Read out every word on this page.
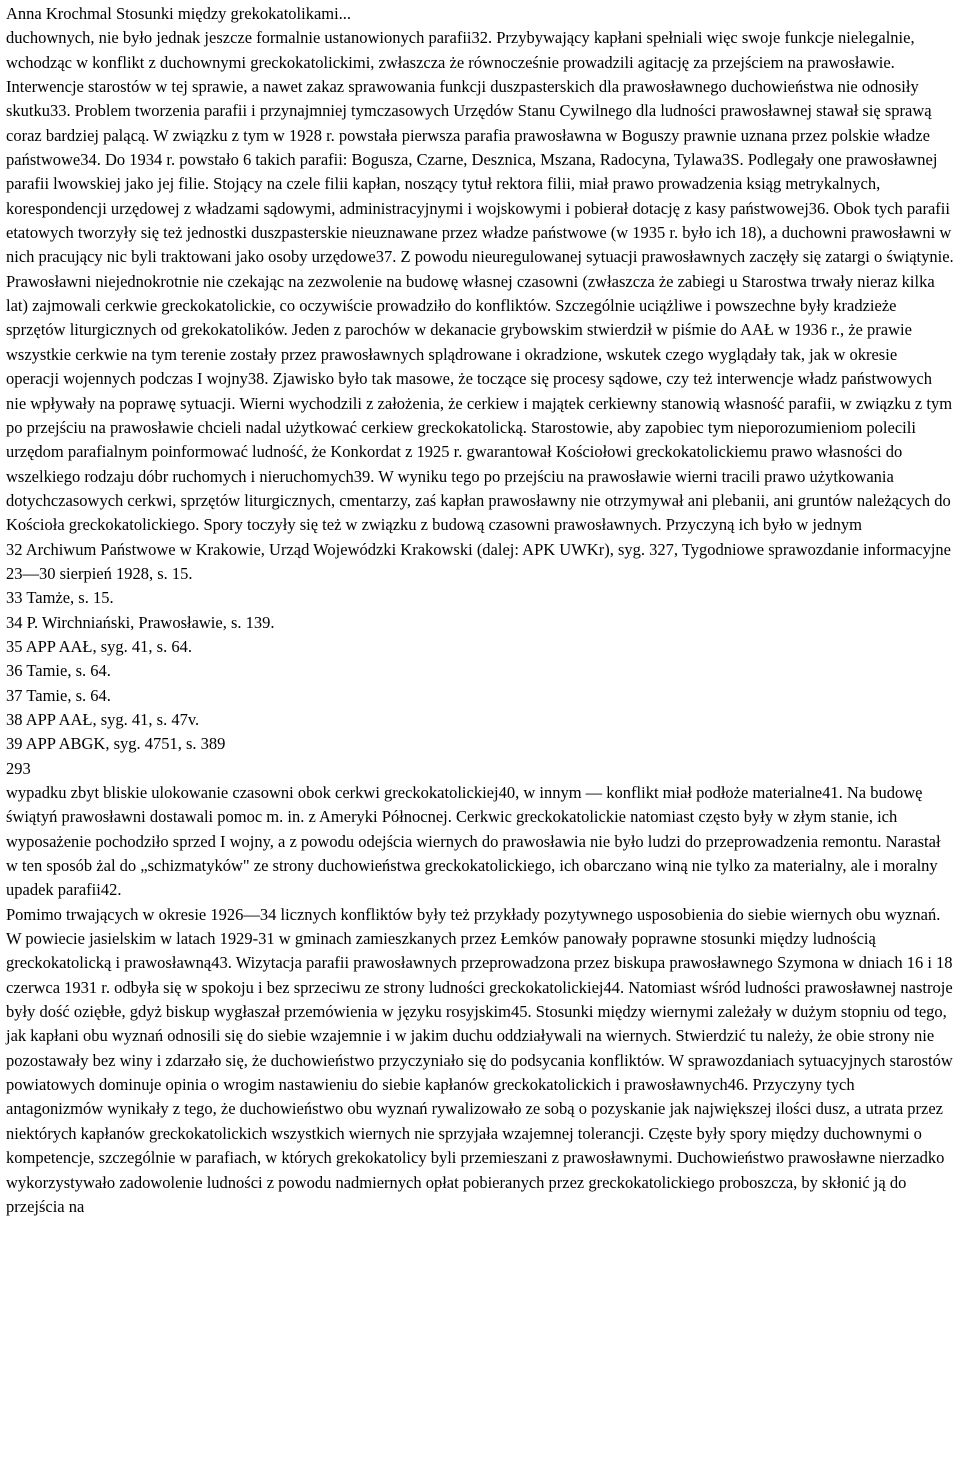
Anna Krochmal Stosunki między grekokatolikami...

duchownych, nie było jednak jeszcze formalnie ustanowionych parafii32. Przybywający kapłani spełniali więc swoje funkcje nielegalnie, wchodząc w konflikt z duchownymi greckokatolickimi, zwłaszcza że równocześnie prowadzili agitację za przejściem na prawosławie. Interwencje starostów w tej sprawie, a nawet zakaz sprawowania funkcji duszpasterskich dla prawosławnego duchowieństwa nie odnosiły skutku33. Problem tworzenia parafii i przynajmniej tymczasowych Urzędów Stanu Cywilnego dla ludności prawosławnej stawał się sprawą coraz bardziej palącą. W związku z tym w 1928 r. powstała pierwsza parafia prawosławna w Boguszy prawnie uznana przez polskie władze państwowe34. Do 1934 r. powstało 6 takich parafii: Bogusza, Czarne, Desznica, Mszana, Radocyna, Tylawa3S. Podlegały one prawosławnej parafii lwowskiej jako jej filie. Stojący na czele filii kapłan, noszący tytuł rektora filii, miał prawo prowadzenia ksiąg metrykalnych, korespondencji urzędowej z władzami sądowymi, administracyjnymi i wojskowymi i pobierał dotację z kasy państwowej36. Obok tych parafii etatowych tworzyły się też jednostki duszpasterskie nieuznawane przez władze państwowe (w 1935 r. było ich 18), a duchowni prawosławni w nich pracujący nic byli traktowani jako osoby urzędowe37. Z powodu nieuregulowanej sytuacji prawosławnych zaczęły się zatargi o świątynie. Prawosławni niejednokrotnie nie czekając na zezwolenie na budowę własnej czasowni (zwłaszcza że zabiegi u Starostwa trwały nieraz kilka lat) zajmowali cerkwie greckokatolickie, co oczywiście prowadziło do konfliktów. Szczególnie uciążliwe i powszechne były kradzieże sprzętów liturgicznych od grekokatolików. Jeden z parochów w dekanacie grybowskim stwierdził w piśmie do AAŁ w 1936 r., że prawie wszystkie cerkwie na tym terenie zostały przez prawosławnych splądrowane i okradzione, wskutek czego wyglądały tak, jak w okresie operacji wojennych podczas I wojny38. Zjawisko było tak masowe, że toczące się procesy sądowe, czy też interwencje władz państwowych nie wpływały na poprawę sytuacji. Wierni wychodzili z założenia, że cerkiew i majątek cerkiewny stanowią własność parafii, w związku z tym po przejściu na prawosławie chcieli nadal użytkować cerkiew greckokatolicką. Starostowie, aby zapobiec tym nieporozumieniom polecili urzędom parafialnym poinformować ludność, że Konkordat z 1925 r. gwarantował Kościołowi greckokatolickiemu prawo własności do wszelkiego rodzaju dóbr ruchomych i nieruchomych39. W wyniku tego po przejściu na prawosławie wierni tracili prawo użytkowania dotychczasowych cerkwi, sprzętów liturgicznych, cmentarzy, zaś kapłan prawosławny nie otrzymywał ani plebanii, ani gruntów należących do Kościoła greckokatolickiego. Spory toczyły się też w związku z budową czasowni prawosławnych. Przyczyną ich było w jednym

32 Archiwum Państwowe w Krakowie, Urząd Wojewódzki Krakowski (dalej: APK UWKr), syg. 327, Tygodniowe sprawozdanie informacyjne 23—30 sierpień 1928, s. 15.
33 Tamże, s. 15.
34 P. Wirchniański, Prawosławie, s. 139.
35 APP AAŁ, syg. 41, s. 64.
36 Tamie, s. 64.
37 Tamie, s. 64.
38 APP AAŁ, syg. 41, s. 47v.
39 APP ABGK, syg. 4751, s. 389
293

wypadku zbyt bliskie ulokowanie czasowni obok cerkwi greckokatolickiej40, w innym — konflikt miał podłoże materialne41. Na budowę świątyń prawosławni dostawali pomoc m. in. z Ameryki Północnej. Cerkwic greckokatolickie natomiast często były w złym stanie, ich wyposażenie pochodziło sprzed I wojny, a z powodu odejścia wiernych do prawosławia nie było ludzi do przeprowadzenia remontu. Narastał w ten sposób żal do „schizmatyków" ze strony duchowieństwa greckokatolickiego, ich obarczano winą nie tylko za materialny, ale i moralny upadek parafii42.

Pomimo trwających w okresie 1926—34 licznych konfliktów były też przykłady pozytywnego usposobienia do siebie wiernych obu wyznań. W powiecie jasielskim w latach 1929-31 w gminach zamieszkanych przez Łemków panowały poprawne stosunki między ludnością greckokatolicką i prawosławną43. Wizytacja parafii prawosławnych przeprowadzona przez biskupa prawosławnego Szymona w dniach 16 i 18 czerwca 1931 r. odbyła się w spokoju i bez sprzeciwu ze strony ludności greckokatolickiej44. Natomiast wśród ludności prawosławnej nastroje były dość oziębłe, gdyż biskup wygłaszał przemówienia w języku rosyjskim45. Stosunki między wiernymi zależały w dużym stopniu od tego, jak kapłani obu wyznań odnosili się do siebie wzajemnie i w jakim duchu oddziaływali na wiernych. Stwierdzić tu należy, że obie strony nie pozostawały bez winy i zdarzało się, że duchowieństwo przyczyniało się do podsycania konfliktów. W sprawozdaniach sytuacyjnych starostów powiatowych dominuje opinia o wrogim nastawieniu do siebie kapłanów greckokatolickich i prawosławnych46. Przyczyny tych antagonizmów wynikały z tego, że duchowieństwo obu wyznań rywalizowało ze sobą o pozyskanie jak największej ilości dusz, a utrata przez niektórych kapłanów greckokatolickich wszystkich wiernych nie sprzyjała wzajemnej tolerancji. Częste były spory między duchownymi o kompetencje, szczególnie w parafiach, w których grekokatolicy byli przemieszani z prawosławnymi. Duchowieństwo prawosławne nierzadko wykorzystywało zadowolenie ludności z powodu nadmiernych opłat pobieranych przez greckokatolickiego proboszcza, by skłonić ją do przejścia na
